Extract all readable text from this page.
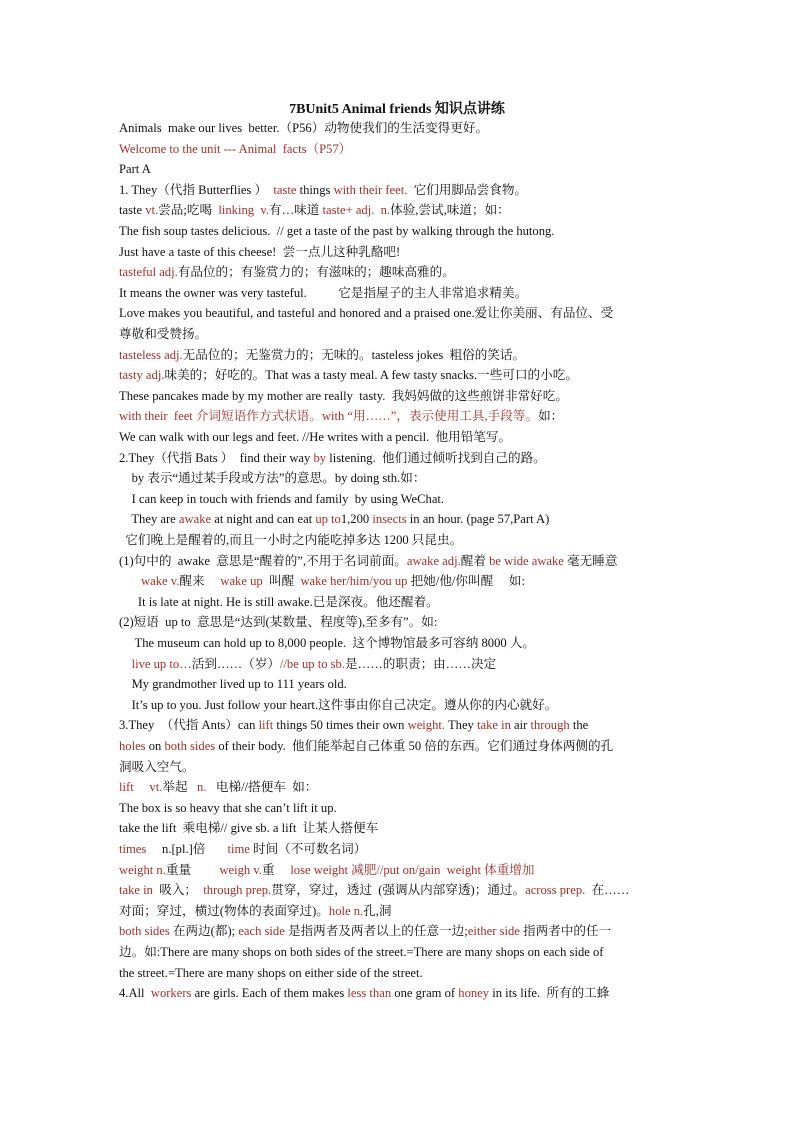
7BUnit5 Animal friends 知识点讲练
Animals  make our lives  better.（P56）动物使我们的生活变得更好。
Welcome to the unit --- Animal  facts（P57）
Part A
1. They（代指 Butterflies ）  taste things with their feet.  它们用脚品尝食物。
taste vt.尝品;吃喝  linking  v.有…味道 taste+ adj.  n.体验,尝试,味道；如：
The fish soup tastes delicious.  // get a taste of the past by walking through the hutong.
Just have a taste of this cheese!  尝一点儿这种乳酪吧!
tasteful adj.有品位的；有鉴赏力的；有滋味的；趣味高雅的。
It means the owner was very tasteful.          它是指屋子的主人非常追求精美。
Love makes you beautiful, and tasteful and honored and a praised one.爱让你美丽、有品位、受
尊敬和受赞扬。
tasteless adj.无品位的；无鉴赏力的；无味的。tasteless jokes  粗俗的笑话。
tasty adj.味美的；好吃的。That was a tasty meal. A few tasty snacks.一些可口的小吃。
These pancakes made by my mother are really  tasty.  我妈妈做的这些煎饼非常好吃。
with their  feet 介词短语作方式状语。with “用……”，表示使用工具,手段等。如：
We can walk with our legs and feet. //He writes with a pencil.  他用铅笔写。
2.They（代指 Bats ）  find their way by listening.  他们通过倾听找到自己的路。
by 表示“通过某手段或方法”的意思。by doing sth.如：
I can keep in touch with friends and family  by using WeChat.
They are awake at night and can eat up to1,200 insects in an hour. (page 57,Part A)
它们晚上是醒着的,而且一小时之内能吃掉多达 1200 只昆虫。
(1)句中的  awake  意思是“醒着的”,不用于名词前面。awake adj.醒着 be wide awake 毫无睡意
wake v.醒来     wake up  叫醒  wake her/him/you up 把她/他/你叫醒     如:
It is late at night. He is still awake.已是深夜。他还醒着。
(2)短语  up to  意思是“达到(某数量、程度等),至多有”。如:
The museum can hold up to 8,000 people.  这个博物馆最多可容纳 8000 人。
live up to…活到……（岁）//be up to sb.是……的职责；由……决定
My grandmother lived up to 111 years old.
It’s up to you. Just follow your heart.这件事由你自己决定。遵从你的内心就好。
3.They  （代指 Ants）can lift things 50 times their own weight. They take in air through the
holes on both sides of their body.  他们能举起自己体重 50 倍的东西。它们通过身体两侧的孔
洞吸入空气。
lift     vt.举起   n.   电梯//搭便车  如：
The box is so heavy that she can’t lift it up.
take the lift  乘电梯// give sb. a lift  让某人搭便车
times     n.[pl.]倍       time 时间（不可数名词）
weight n.重量         weigh v.重     lose weight 减肥//put on/gain  weight 体重增加
take in  吸入；  through prep.贯穿，穿过，透过  (强调从内部穿透)；通过。across prep.  在……
对面；穿过，横过(物体的表面穿过)。hole n.孔,洞
both sides 在两边(都); each side 是指两者及两者以上的任意一边;either side 指两者中的任一
边。如:There are many shops on both sides of the street.=There are many shops on each side of
the street.=There are many shops on either side of the street.
4.All  workers are girls. Each of them makes less than one gram of honey in its life.  所有的工蜂
